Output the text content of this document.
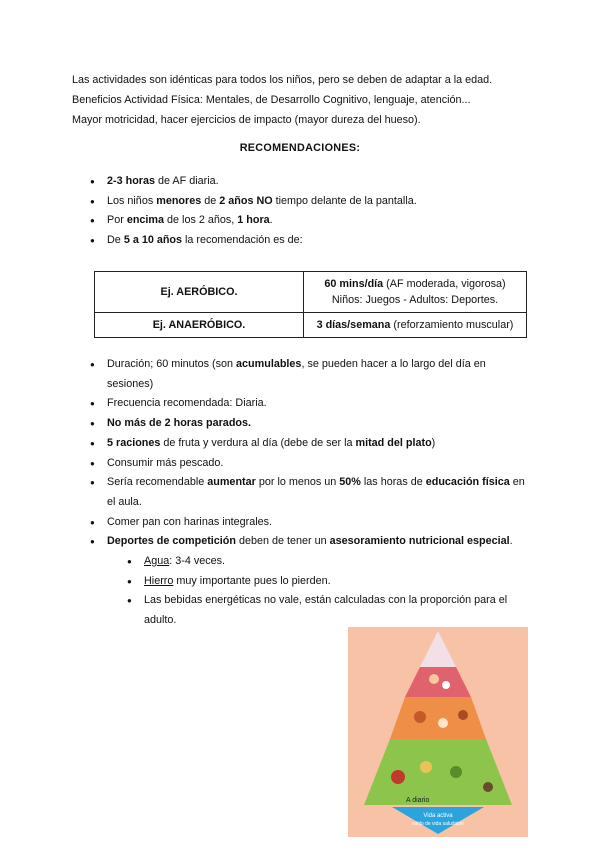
Las actividades son idénticas para todos los niños, pero se deben de adaptar a la edad.

Beneficios Actividad Física: Mentales, de Desarrollo Cognitivo, lenguaje, atención...

Mayor motricidad, hacer ejercicios de impacto (mayor dureza del hueso).

RECOMENDACIONES:
● 2-3 horas de AF diaria.
● Los niños menores de 2 años NO tiempo delante de la pantalla.
● Por encima de los 2 años, 1 hora.
● De 5 a 10 años la recomendación es de:
Ej. AERÓBICO.	60 mins/día (AF moderada, vigorosa)
Niños: Juegos - Adultos: Deportes.
Ej. ANAERÓBICO.	3 días/semana (reforzamiento muscular)
● Duración; 60 minutos (son acumulables, se pueden hacer a lo largo del día en sesiones)
● Frecuencia recomendada: Diaria.
● No más de 2 horas parados.
● 5 raciones de fruta y verdura al día (debe de ser la mitad del plato)
● Consumir más pescado.
● Sería recomendable aumentar por lo menos un 50% las horas de educación física en el aula.
● Comer pan con harinas integrales.
● Deportes de competición deben de tener un asesoramiento nutricional especial.
● Agua: 3-4 veces.
● Hierro muy importante pues lo pierden.
● Las bebidas energéticas no vale, están calculadas con la proporción para el adulto.
A diario
Vida activa
estilo de vida saludable
